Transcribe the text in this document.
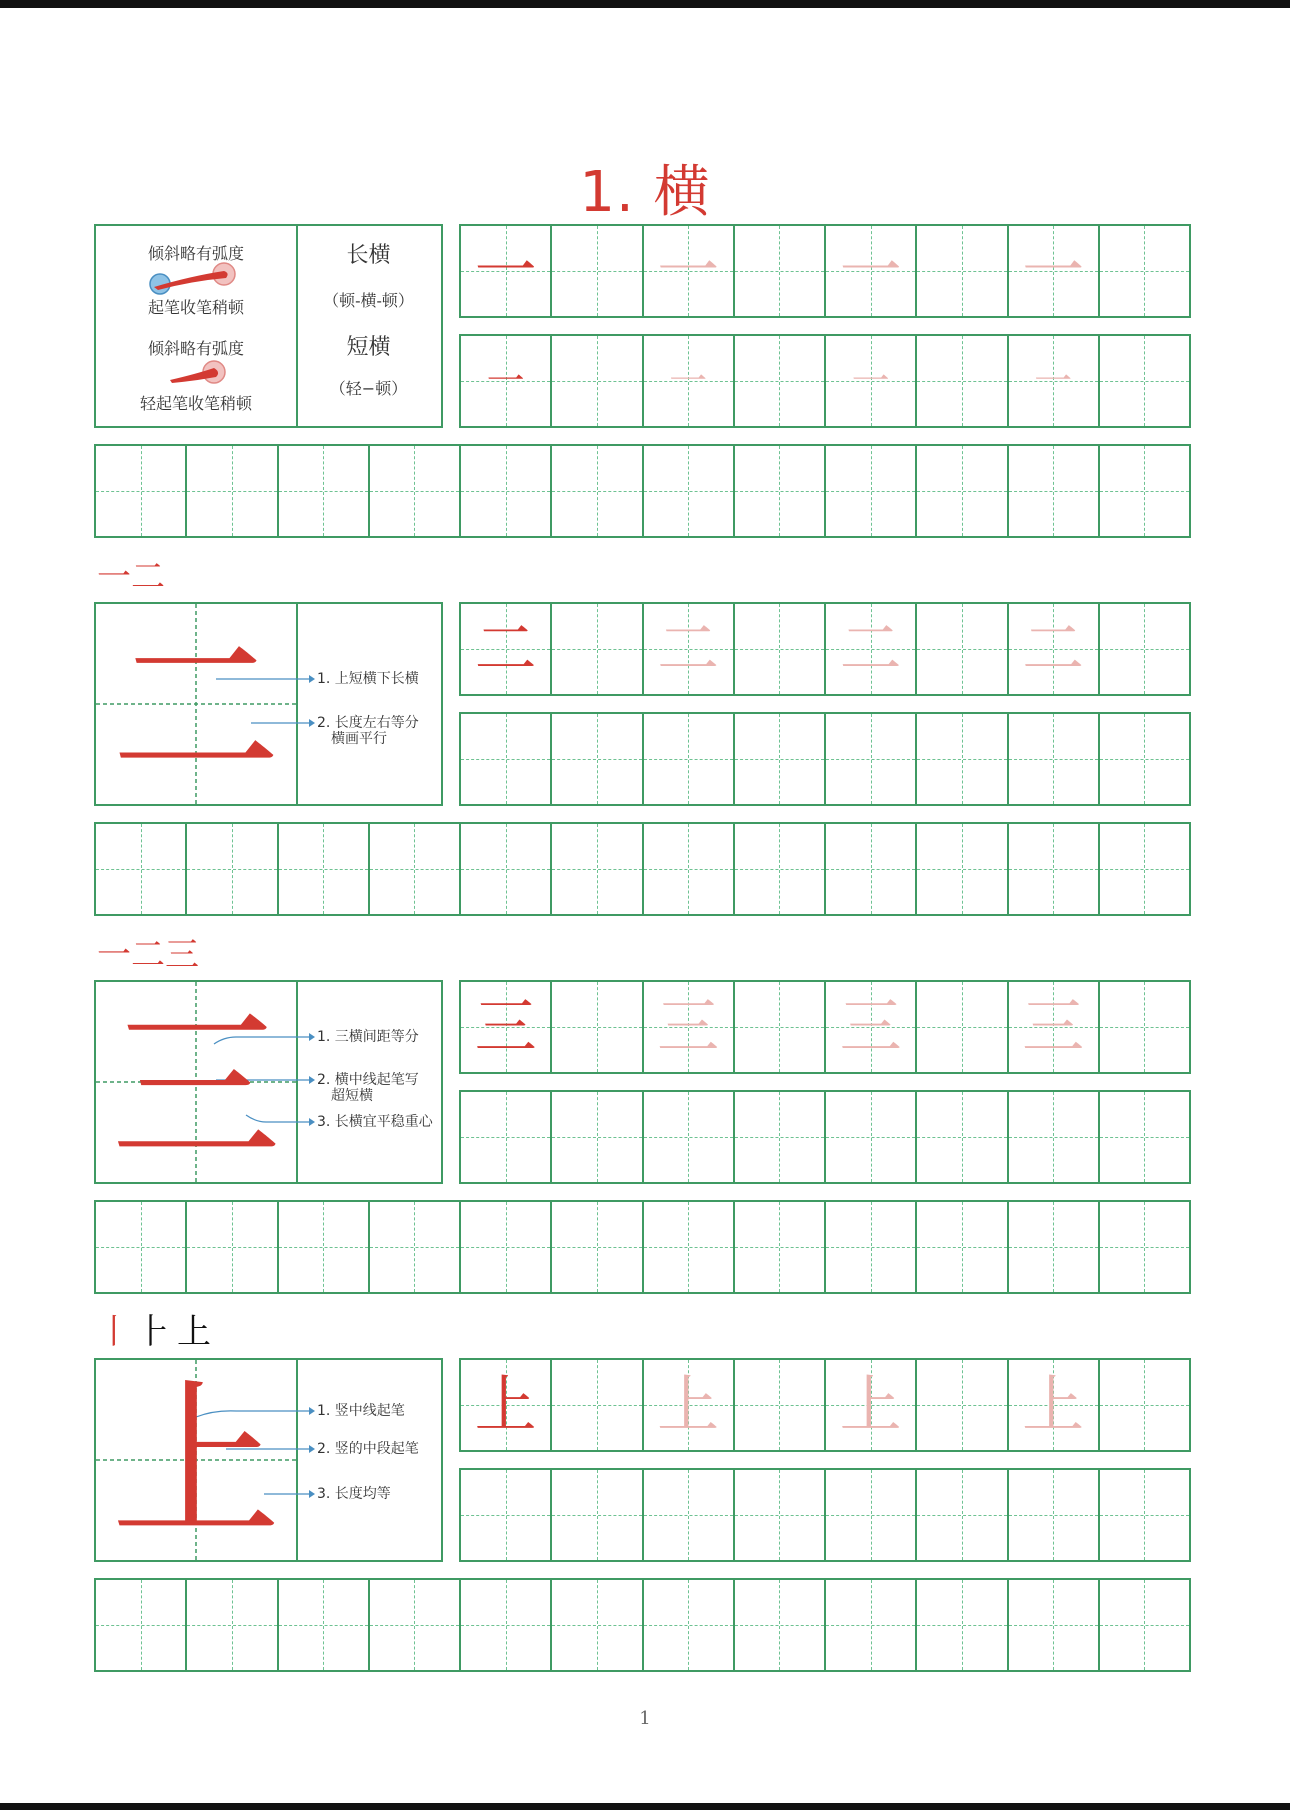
1. 横
倾斜略有弧度
起笔收笔稍顿
倾斜略有弧度
轻起笔收笔稍顿
长横
（顿-横-顿）
短横
（轻−顿）
一 一 一 一
一	一	一	一
一二
二	1. 上短横下长横
2. 长度左右等分
横画平行
二 二 二 二
一二三
三	1. 三横间距等分
2. 横中线起笔写
超短横
3. 长横宜平稳重心
三 三 三 三
丨 ⺊ 上
上	1. 竖中线起笔
2. 竖的中段起笔
3. 长度均等
上 上 上 上
1
